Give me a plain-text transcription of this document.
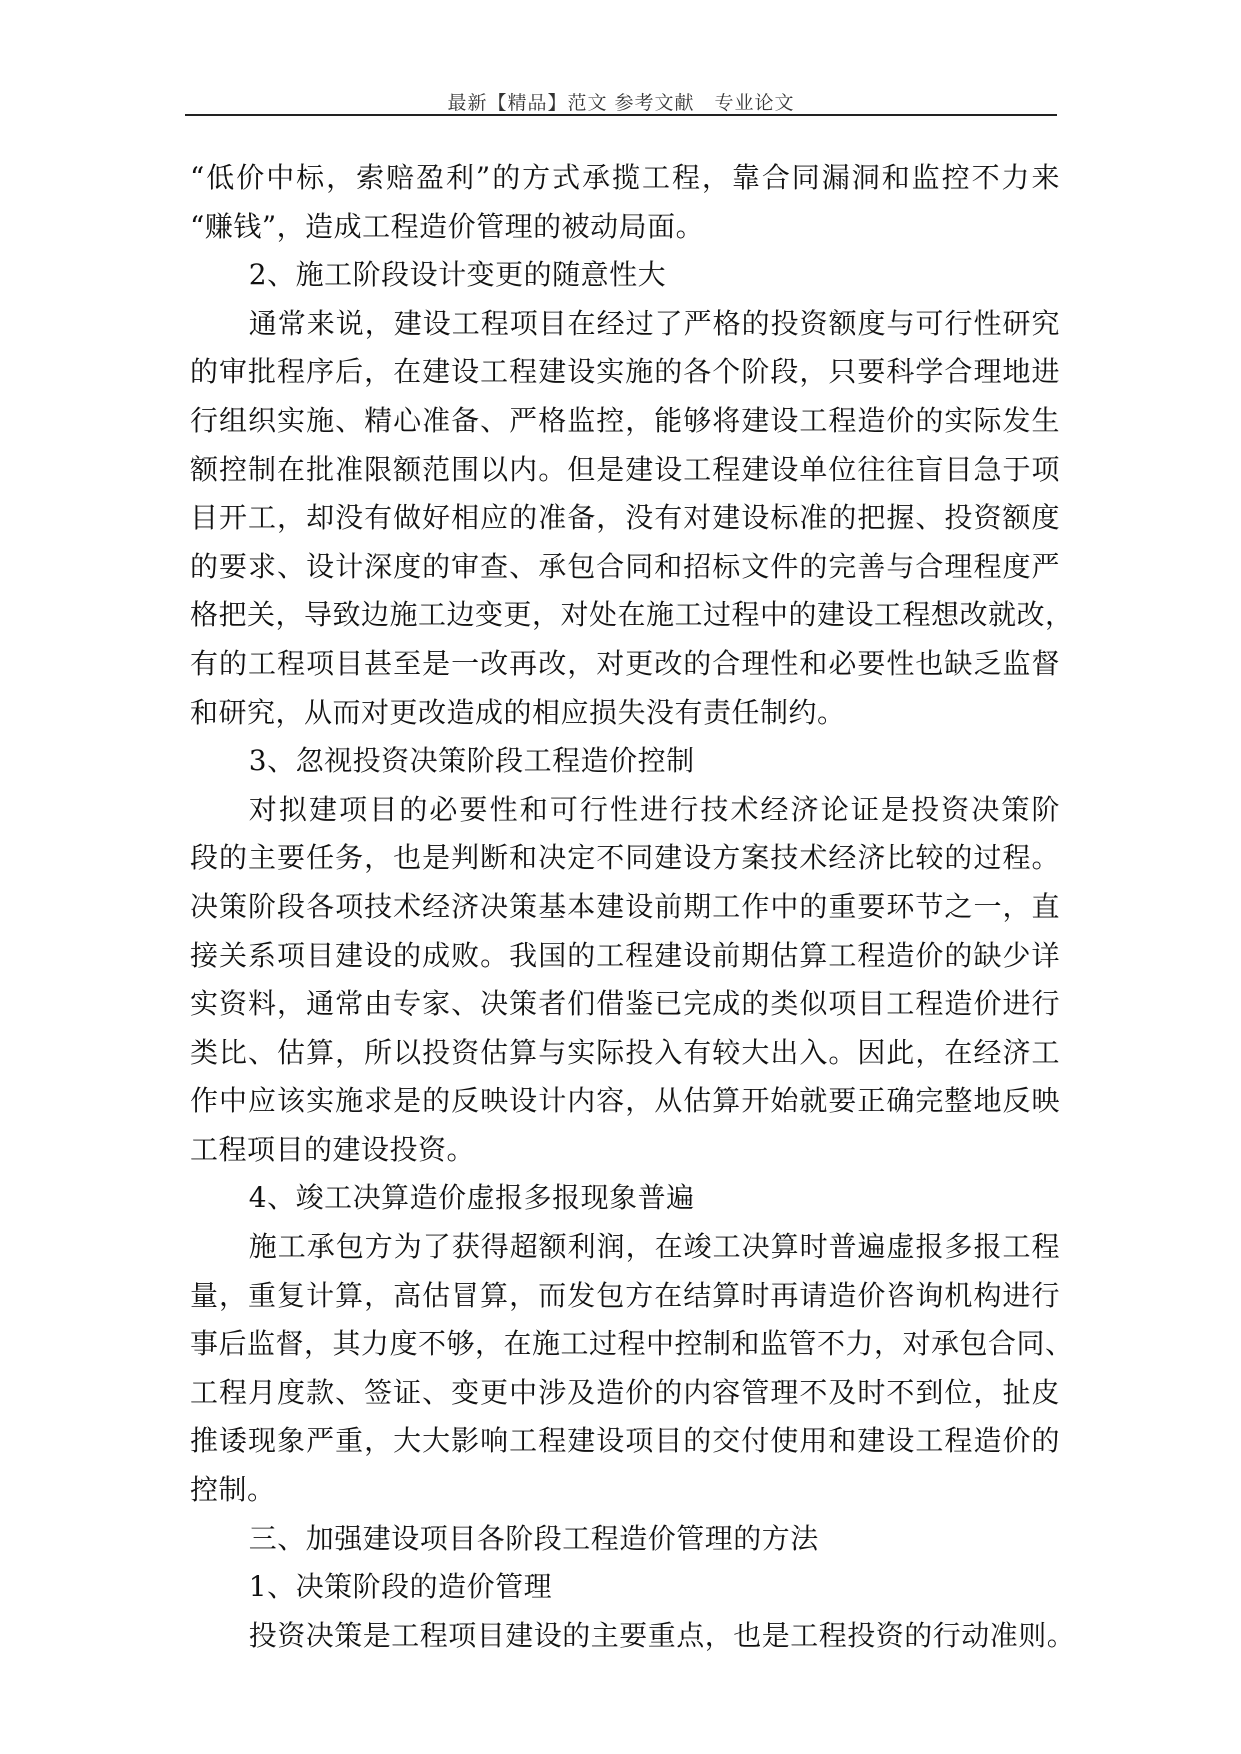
最新【精品】范文 参考文献　专业论文
“低价中标，索赔盈利”的方式承揽工程，靠合同漏洞和监控不力来
“赚钱”，造成工程造价管理的被动局面。
2、施工阶段设计变更的随意性大
通常来说，建设工程项目在经过了严格的投资额度与可行性研究
的审批程序后，在建设工程建设实施的各个阶段，只要科学合理地进
行组织实施、精心准备、严格监控，能够将建设工程造价的实际发生
额控制在批准限额范围以内。但是建设工程建设单位往往盲目急于项
目开工，却没有做好相应的准备，没有对建设标准的把握、投资额度
的要求、设计深度的审查、承包合同和招标文件的完善与合理程度严
格把关，导致边施工边变更，对处在施工过程中的建设工程想改就改，
有的工程项目甚至是一改再改，对更改的合理性和必要性也缺乏监督
和研究，从而对更改造成的相应损失没有责任制约。
3、忽视投资决策阶段工程造价控制
对拟建项目的必要性和可行性进行技术经济论证是投资决策阶
段的主要任务，也是判断和决定不同建设方案技术经济比较的过程。
决策阶段各项技术经济决策基本建设前期工作中的重要环节之一，直
接关系项目建设的成败。我国的工程建设前期估算工程造价的缺少详
实资料，通常由专家、决策者们借鉴已完成的类似项目工程造价进行
类比、估算，所以投资估算与实际投入有较大出入。因此，在经济工
作中应该实施求是的反映设计内容，从估算开始就要正确完整地反映
工程项目的建设投资。
4、竣工决算造价虚报多报现象普遍
施工承包方为了获得超额利润，在竣工决算时普遍虚报多报工程
量，重复计算，高估冒算，而发包方在结算时再请造价咨询机构进行
事后监督，其力度不够，在施工过程中控制和监管不力，对承包合同、
工程月度款、签证、变更中涉及造价的内容管理不及时不到位，扯皮
推诿现象严重，大大影响工程建设项目的交付使用和建设工程造价的
控制。
三、加强建设项目各阶段工程造价管理的方法
1、决策阶段的造价管理
投资决策是工程项目建设的主要重点，也是工程投资的行动准则。
